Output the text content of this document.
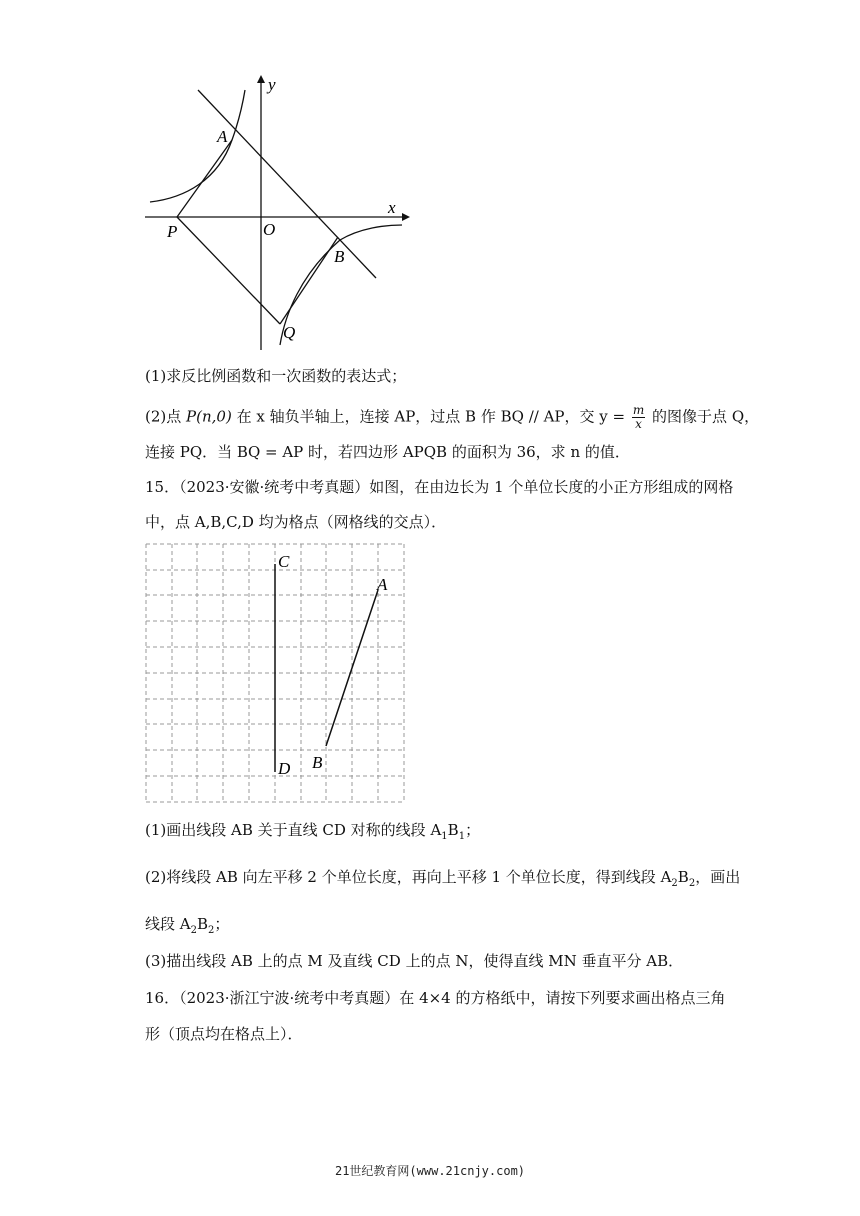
y
x
A
O
P
B
Q
(1)求反比例函数和一次函数的表达式；
(2)点 P(n,0) 在 x 轴负半轴上，连接 AP，过点 B 作 BQ // AP，交 $y = \frac{m}{x}$ 的图像于点 Q，
连接 PQ．当 BQ = AP 时，若四边形 APQB 的面积为 36，求 n 的值．
15．（2023·安徽·统考中考真题）如图，在由边长为 1 个单位长度的小正方形组成的网格
中，点 A,B,C,D 均为格点（网格线的交点）．
C
A
D B
(1)画出线段 AB 关于直线 CD 对称的线段 $A_1B_1$；
(2)将线段 AB 向左平移 2 个单位长度，再向上平移 1 个单位长度，得到线段 $A_2B_2$，画出
线段 $A_2B_2$；
(3)描出线段 AB 上的点 M 及直线 CD 上的点 N，使得直线 MN 垂直平分 AB．
16．（2023·浙江宁波·统考中考真题）在 4×4 的方格纸中，请按下列要求画出格点三角
形（顶点均在格点上）．
21世纪教育网(www.21cnjy.com)
